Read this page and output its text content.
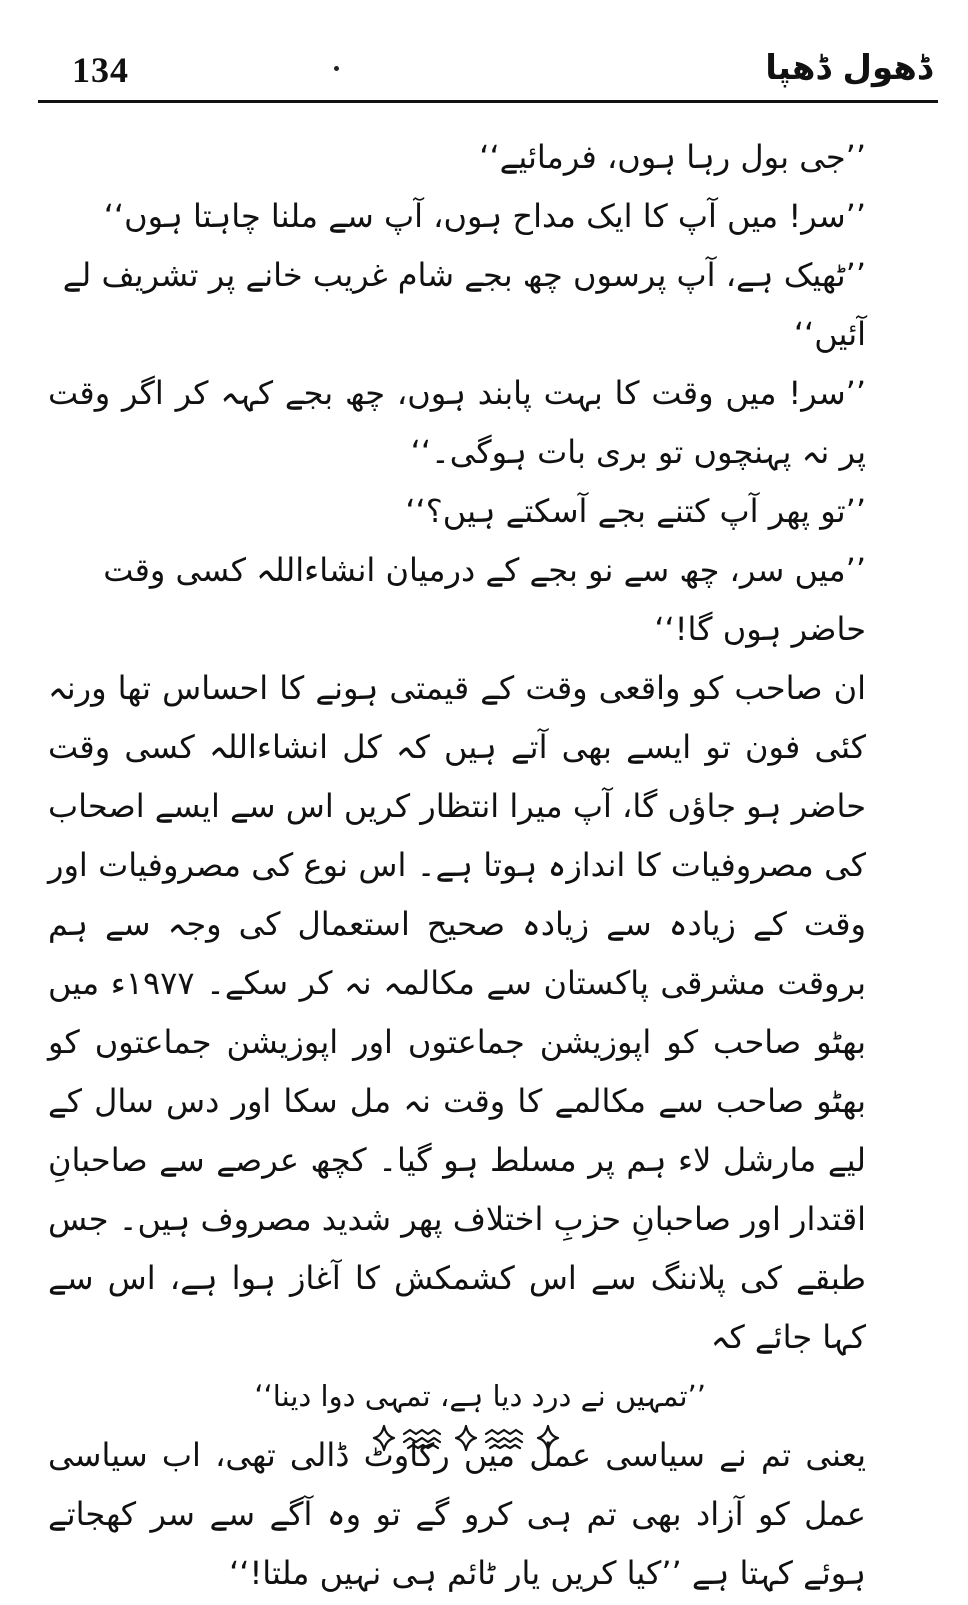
134	ڈھول ڈھپا

’’جی بول رہا ہوں، فرمائیے‘‘

’’سر! میں آپ کا ایک مداح ہوں، آپ سے ملنا چاہتا ہوں‘‘

’’ٹھیک ہے، آپ پرسوں چھ بجے شام غریب خانے پر تشریف لے آئیں‘‘

’’سر! میں وقت کا بہت پابند ہوں، چھ بجے کہہ کر اگر وقت پر نہ پہنچوں تو بری بات ہوگی۔‘‘

’’تو پھر آپ کتنے بجے آسکتے ہیں؟‘‘

’’میں سر، چھ سے نو بجے کے درمیان انشاءاللہ کسی وقت حاضر ہوں گا!‘‘

ان صاحب کو واقعی وقت کے قیمتی ہونے کا احساس تھا ورنہ کئی فون تو ایسے بھی آتے ہیں کہ کل انشاءاللہ کسی وقت حاضر ہو جاؤں گا، آپ میرا انتظار کریں اس سے ایسے اصحاب کی مصروفیات کا اندازہ ہوتا ہے۔ اس نوع کی مصروفیات اور وقت کے زیادہ سے زیادہ صحیح استعمال کی وجہ سے ہم بروقت مشرقی پاکستان سے مکالمہ نہ کر سکے۔ ۱۹۷۷ء میں بھٹو صاحب کو اپوزیشن جماعتوں اور اپوزیشن جماعتوں کو بھٹو صاحب سے مکالمے کا وقت نہ مل سکا اور دس سال کے لیے مارشل لاء ہم پر مسلط ہو گیا۔ کچھ عرصے سے صاحبانِ اقتدار اور صاحبانِ حزبِ اختلاف پھر شدید مصروف ہیں۔ جس طبقے کی پلاننگ سے اس کشمکش کا آغاز ہوا ہے، اس سے کہا جائے کہ

’’تمہیں نے درد دیا ہے، تمہی دوا دینا‘‘

یعنی تم نے سیاسی عمل میں رکاوٹ ڈالی تھی، اب سیاسی عمل کو آزاد بھی تم ہی کرو گے تو وہ آگے سے سر کھجاتے ہوئے کہتا ہے ’’کیا کریں یار ٹائم ہی نہیں ملتا!‘‘
